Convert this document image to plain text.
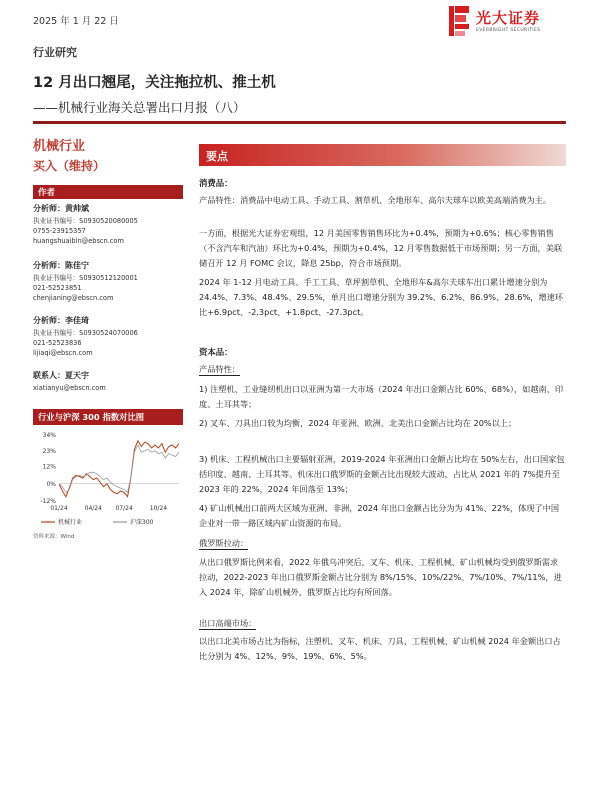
2025 年 1 月 22 日	光大证券
EVERBRIGHT SECURITIES
行业研究
12 月出口翘尾，关注拖拉机、推土机
——机械行业海关总署出口月报（八）
机械行业
买入（维持）
作者
分析师：黄帅斌
执业证书编号：S0930520080005
0755-23915357
huangshuaibin@ebscn.com
分析师：陈佳宁
执业证书编号：S0930512120001
021-52523851
chenjianing@ebscn.com
分析师：李佳琦
执业证书编号：S0930524070006
021-52523836
lijiaqi@ebscn.com
联系人：夏天宇
xiatianyu@ebscn.com
行业与沪深 300 指数对比图
34%
23%
12%
0%
-12%
01/24	04/24 07/24	10/24
机械行业	沪深300
资料来源：Wind
要点
消费品：
产品特性：消费品中电动工具、手动工具、割草机、全地形车、高尔夫球车以欧美高端消费为主。
一方面，根据光大证券宏观组，12 月美国零售销售环比为+0.4%，预期为+0.6%；核心零售销售（不含汽车和汽油）环比为+0.4%，预期为+0.4%，12 月零售数据低于市场预期；另一方面，美联储召开 12 月 FOMC 会议，降息 25bp，符合市场预期。
2024 年 1-12 月电动工具、手工工具、草坪割草机、全地形车&高尔夫球车出口累计增速分别为 24.4%、7.3%、48.4%、29.5%，单月出口增速分别为 39.2%、6.2%、86.9%、28.6%，增速环比+6.9pct、-2.3pct、+1.8pct、-27.3pct。
资本品：
产品特性：
1) 注塑机、工业缝纫机出口以亚洲为第一大市场（2024 年出口金额占比 60%、68%），如越南、印度、土耳其等；
2) 叉车、刀具出口较为均衡，2024 年亚洲、欧洲、北美出口金额占比均在 20%以上；
3) 机床、工程机械出口主要辐射亚洲，2019-2024 年亚洲出口金额占比均在 50%左右，出口国家包括印度、越南、土耳其等。机床出口俄罗斯的金额占比出现较大波动，占比从 2021 年的 7%提升至 2023 年的 22%，2024 年回落至 13%；
4) 矿山机械出口前两大区域为亚洲、非洲，2024 年出口金额占比分为为 41%、22%，体现了中国企业对一带一路区域内矿山资源的布局。
俄罗斯拉动：
从出口俄罗斯比例来看，2022 年俄乌冲突后，叉车、机床、工程机械、矿山机械均受到俄罗斯需求拉动，2022-2023 年出口俄罗斯金额占比分别为 8%/15%、10%/22%、7%/10%、7%/11%，进入 2024 年，除矿山机械外，俄罗斯占比均有所回落。
出口高端市场：
以出口北美市场占比为指标，注塑机、叉车、机床、刀具、工程机械、矿山机械 2024 年金额出口占比分别为 4%、12%、9%、19%、6%、5%。
